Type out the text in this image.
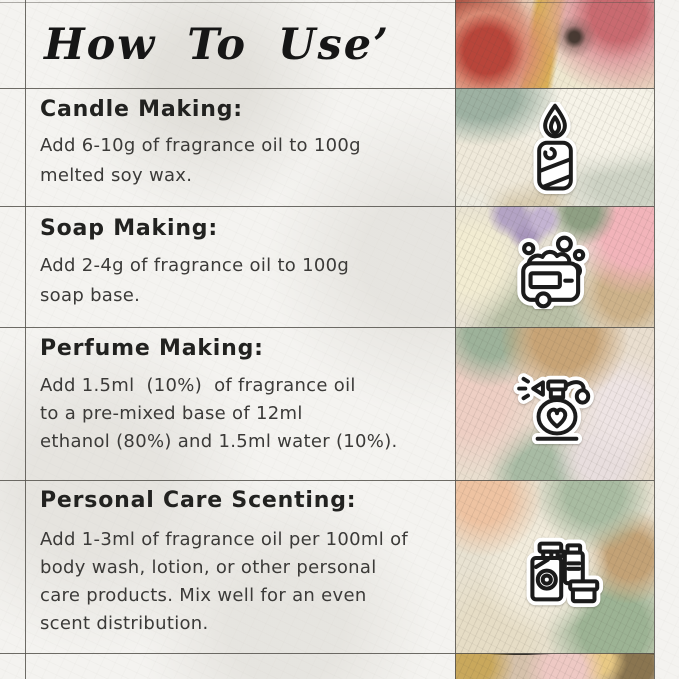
How To Use’
Candle Making:
Add 6-10g of fragrance oil to 100g
melted soy wax.
Soap Making:
Add 2-4g of fragrance oil to 100g
soap base.
Perfume Making:
Add 1.5ml  (10%)  of fragrance oil
to a pre-mixed base of 12ml
ethanol (80%) and 1.5ml water (10%).
Personal Care Scenting:
Add 1-3ml of fragrance oil per 100ml of
body wash, lotion, or other personal
care products. Mix well for an even
scent distribution.
